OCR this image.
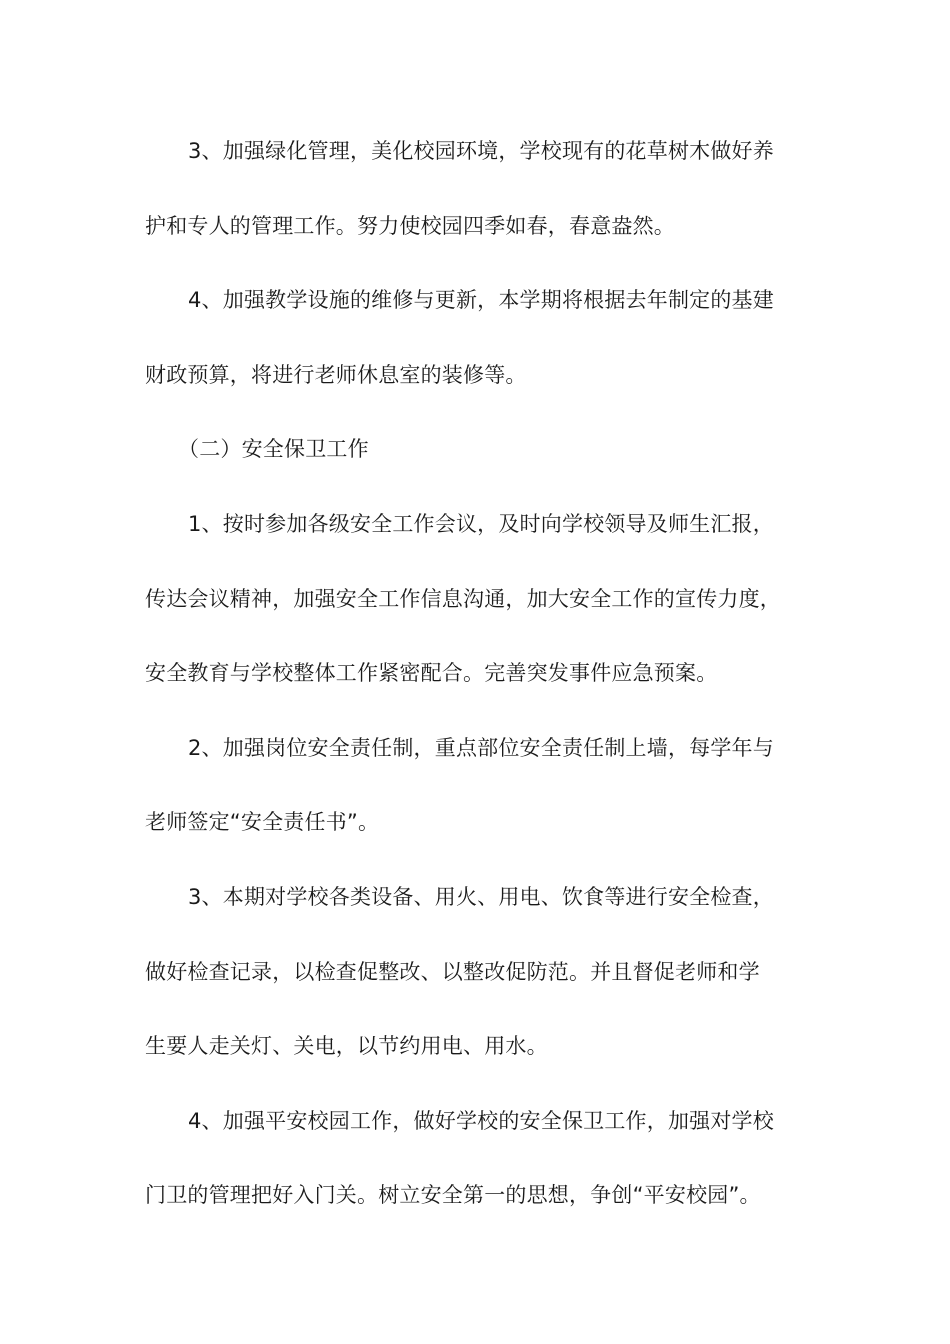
3、加强绿化管理，美化校园环境，学校现有的花草树木做好养
护和专人的管理工作。努力使校园四季如春，春意盎然。
4、加强教学设施的维修与更新，本学期将根据去年制定的基建
财政预算，将进行老师休息室的装修等。
（二）安全保卫工作
1、按时参加各级安全工作会议，及时向学校领导及师生汇报，
传达会议精神，加强安全工作信息沟通，加大安全工作的宣传力度，
安全教育与学校整体工作紧密配合。完善突发事件应急预案。
2、加强岗位安全责任制，重点部位安全责任制上墙，每学年与
老师签定“安全责任书”。
3、本期对学校各类设备、用火、用电、饮食等进行安全检查，
做好检查记录，以检查促整改、以整改促防范。并且督促老师和学
生要人走关灯、关电，以节约用电、用水。
4、加强平安校园工作，做好学校的安全保卫工作，加强对学校
门卫的管理把好入门关。树立安全第一的思想，争创“平安校园”。
